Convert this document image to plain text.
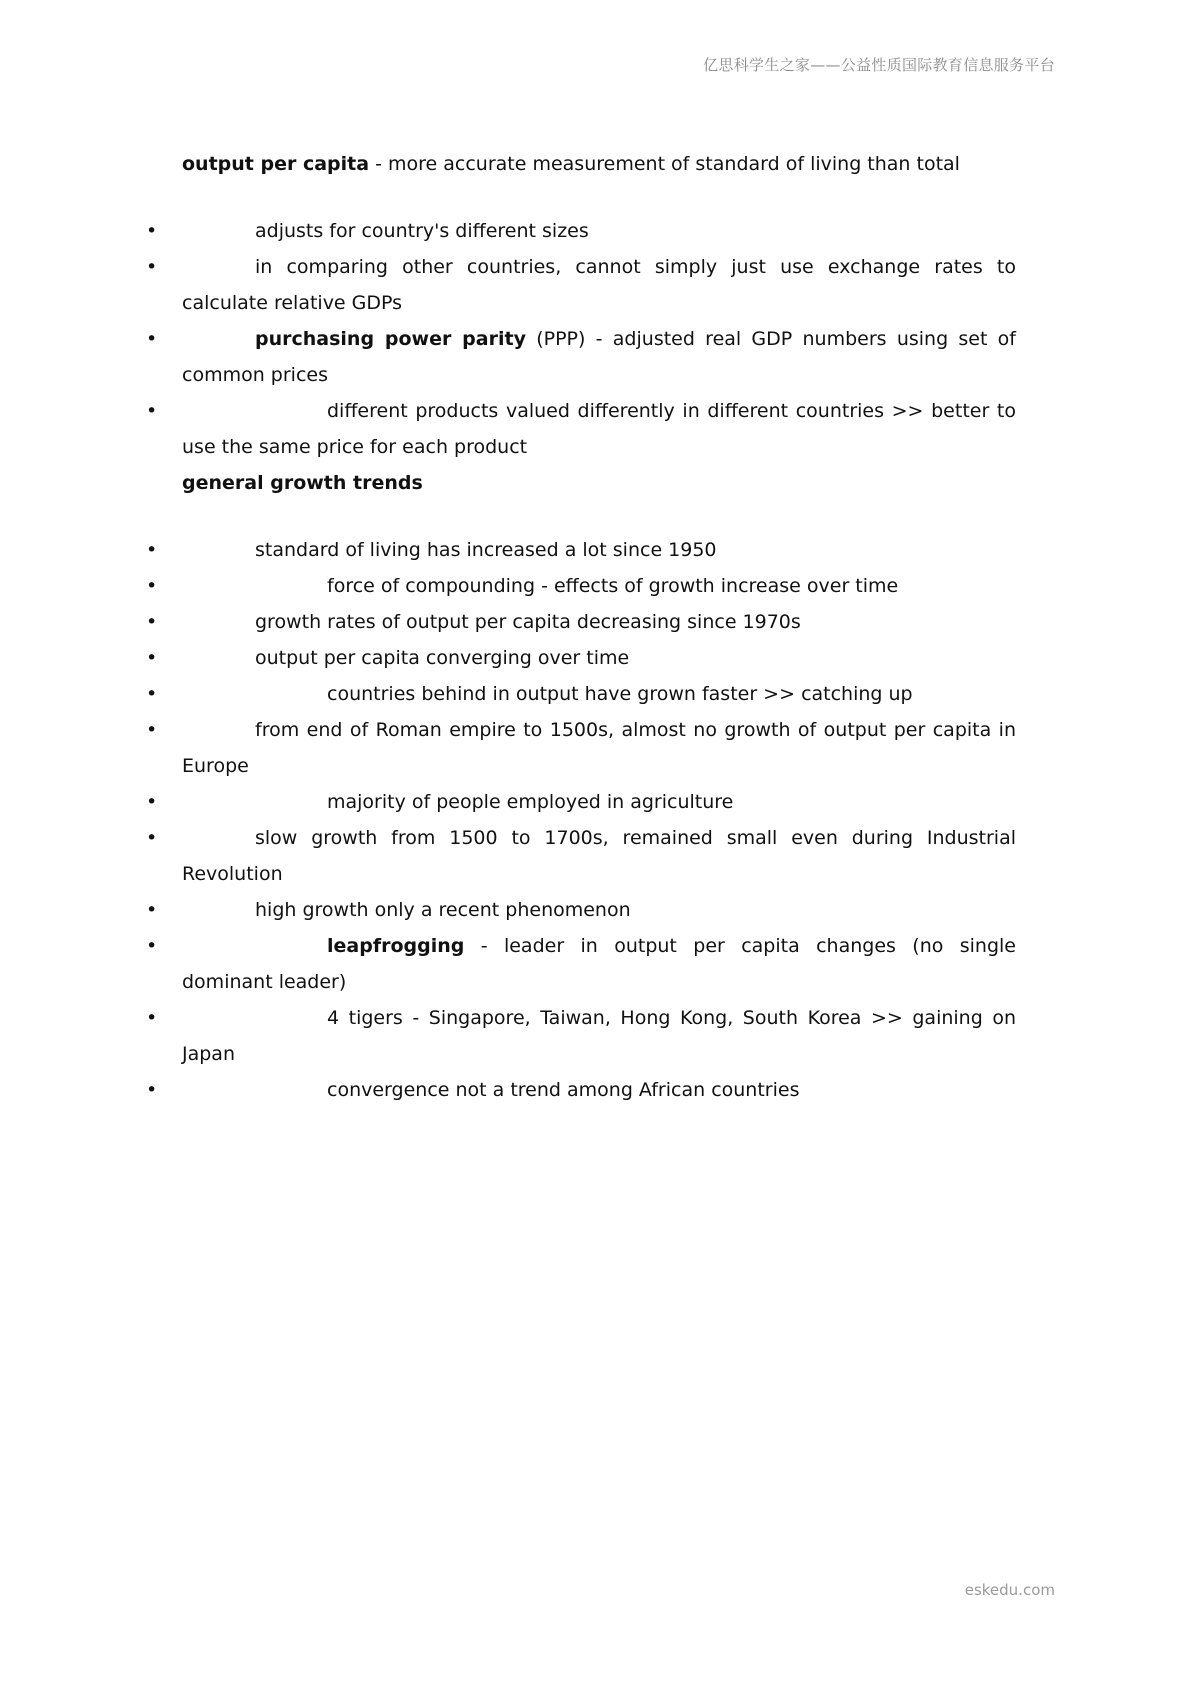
亿思科学生之家——公益性质国际教育信息服务平台
output per capita - more accurate measurement of standard of living than total
•	adjusts for country's different sizes
•	in comparing other countries, cannot simply just use exchange rates to calculate relative GDPs
•	purchasing power parity (PPP) - adjusted real GDP numbers using set of common prices
•	different products valued differently in different countries >> better to use the same price for each product
general growth trends
•	standard of living has increased a lot since 1950
•	force of compounding - effects of growth increase over time
•	growth rates of output per capita decreasing since 1970s
•	output per capita converging over time
•	countries behind in output have grown faster >> catching up
•	from end of Roman empire to 1500s, almost no growth of output per capita in Europe
•	majority of people employed in agriculture
•	slow growth from 1500 to 1700s, remained small even during Industrial Revolution
•	high growth only a recent phenomenon
•	leapfrogging - leader in output per capita changes (no single dominant leader)
•	4 tigers - Singapore, Taiwan, Hong Kong, South Korea >> gaining on Japan
•	convergence not a trend among African countries
eskedu.com
